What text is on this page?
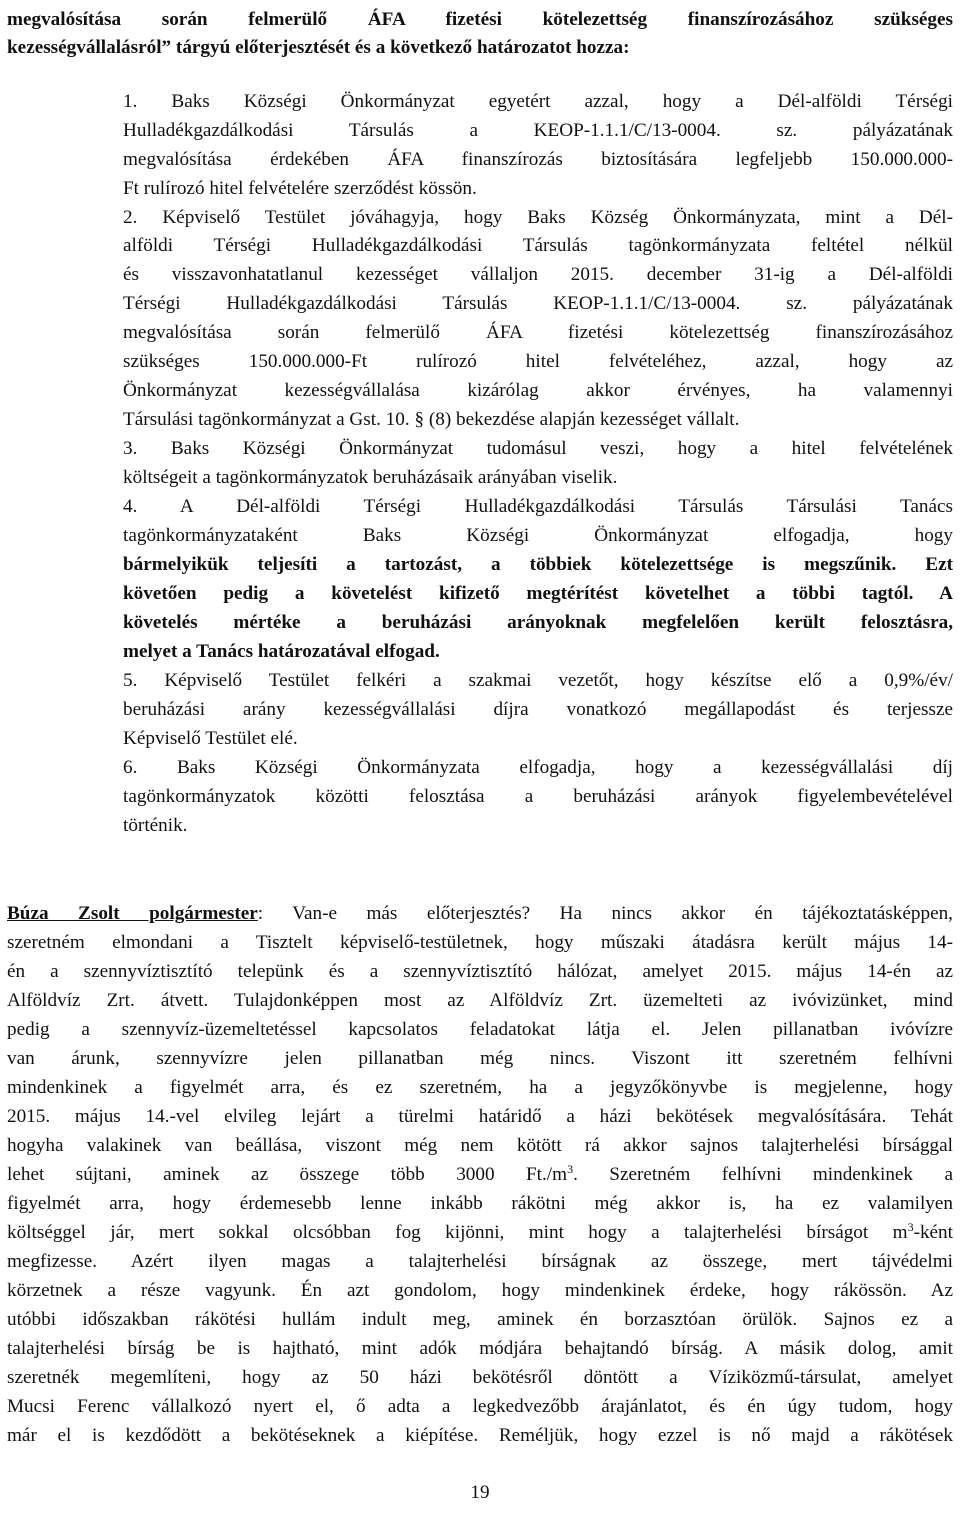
megvalósítása során felmerülő ÁFA fizetési kötelezettség finanszírozásához szükséges
kezességvállalásról” tárgyú előterjesztését és a következő határozatot hozza:
1. Baks Községi Önkormányzat egyetért azzal, hogy a Dél-alföldi Térségi
Hulladékgazdálkodási Társulás a KEOP-1.1.1/C/13-0004. sz. pályázatának
megvalósítása érdekében ÁFA finanszírozás biztosítására legfeljebb 150.000.000-
Ft rulírozó hitel felvételére szerződést kössön.
2. Képviselő Testület jóváhagyja, hogy Baks Község Önkormányzata, mint a Dél-
alföldi Térségi Hulladékgazdálkodási Társulás tagönkormányzata feltétel nélkül
és visszavonhatatlanul kezességet vállaljon 2015. december 31-ig a Dél-alföldi
Térségi Hulladékgazdálkodási Társulás KEOP-1.1.1/C/13-0004. sz. pályázatának
megvalósítása során felmerülő ÁFA fizetési kötelezettség finanszírozásához
szükséges 150.000.000-Ft rulírozó hitel felvételéhez, azzal, hogy az
Önkormányzat kezességvállalása kizárólag akkor érvényes, ha valamennyi
Társulási tagönkormányzat a Gst. 10. § (8) bekezdése alapján kezességet vállalt.
3. Baks Községi Önkormányzat tudomásul veszi, hogy a hitel felvételének
költségeit a tagönkormányzatok beruházásaik arányában viselik.
4. A Dél-alföldi Térségi Hulladékgazdálkodási Társulás Társulási Tanács
tagönkormányzataként Baks Községi Önkormányzat elfogadja, hogy
bármelyikük teljesíti a tartozást, a többiek kötelezettsége is megszűnik. Ezt
követően pedig a követelést kifizető megtérítést követelhet a többi tagtól. A
követelés mértéke a beruházási arányoknak megfelelően került felosztásra,
melyet a Tanács határozatával elfogad.
5. Képviselő Testület felkéri a szakmai vezetőt, hogy készítse elő a 0,9%/év/
beruházási arány kezességvállalási díjra vonatkozó megállapodást és terjessze
Képviselő Testület elé.
6. Baks Községi Önkormányzata elfogadja, hogy a kezességvállalási díj
tagönkormányzatok közötti felosztása a beruházási arányok figyelembevételével
történik.
Búza Zsolt polgármester: Van-e más előterjesztés? Ha nincs akkor én tájékoztatásképpen,
szeretném elmondani a Tisztelt képviselő-testületnek, hogy műszaki átadásra került május 14-
én a szennyvíztisztító telepünk és a szennyvíztisztító hálózat, amelyet 2015. május 14-én az
Alföldvíz Zrt. átvett. Tulajdonképpen most az Alföldvíz Zrt. üzemelteti az ivóvizünket, mind
pedig a szennyvíz-üzemeltetéssel kapcsolatos feladatokat látja el. Jelen pillanatban ivóvízre
van árunk, szennyvízre jelen pillanatban még nincs. Viszont itt szeretném felhívni
mindenkinek a figyelmét arra, és ez szeretném, ha a jegyzőkönyvbe is megjelenne, hogy
2015. május 14.-vel elvileg lejárt a türelmi határidő a házi bekötések megvalósítására. Tehát
hogyha valakinek van beállása, viszont még nem kötött rá akkor sajnos talajterhelési bírsággal
lehet sújtani, aminek az összege több 3000 $Ft./m^3$. Szeretném felhívni mindenkinek a
figyelmét arra, hogy érdemesebb lenne inkább rákötni még akkor is, ha ez valamilyen
költséggel jár, mert sokkal olcsóbban fog kijönni, mint hogy a talajterhelési bírságot $m^3$-ként
megfizesse. Azért ilyen magas a talajterhelési bírságnak az összege, mert tájvédelmi
körzetnek a része vagyunk. Én azt gondolom, hogy mindenkinek érdeke, hogy rákössön. Az
utóbbi időszakban rákötési hullám indult meg, aminek én borzasztóan örülök. Sajnos ez a
talajterhelési bírság be is hajtható, mint adók módjára behajtandó bírság. A másik dolog, amit
szeretnék megemlíteni, hogy az 50 házi bekötésről döntött a Víziközmű-társulat, amelyet
Mucsi Ferenc vállalkozó nyert el, ő adta a legkedvezőbb árajánlatot, és én úgy tudom, hogy
már el is kezdődött a bekötéseknek a kiépítése. Reméljük, hogy ezzel is nő majd a rákötések
19
